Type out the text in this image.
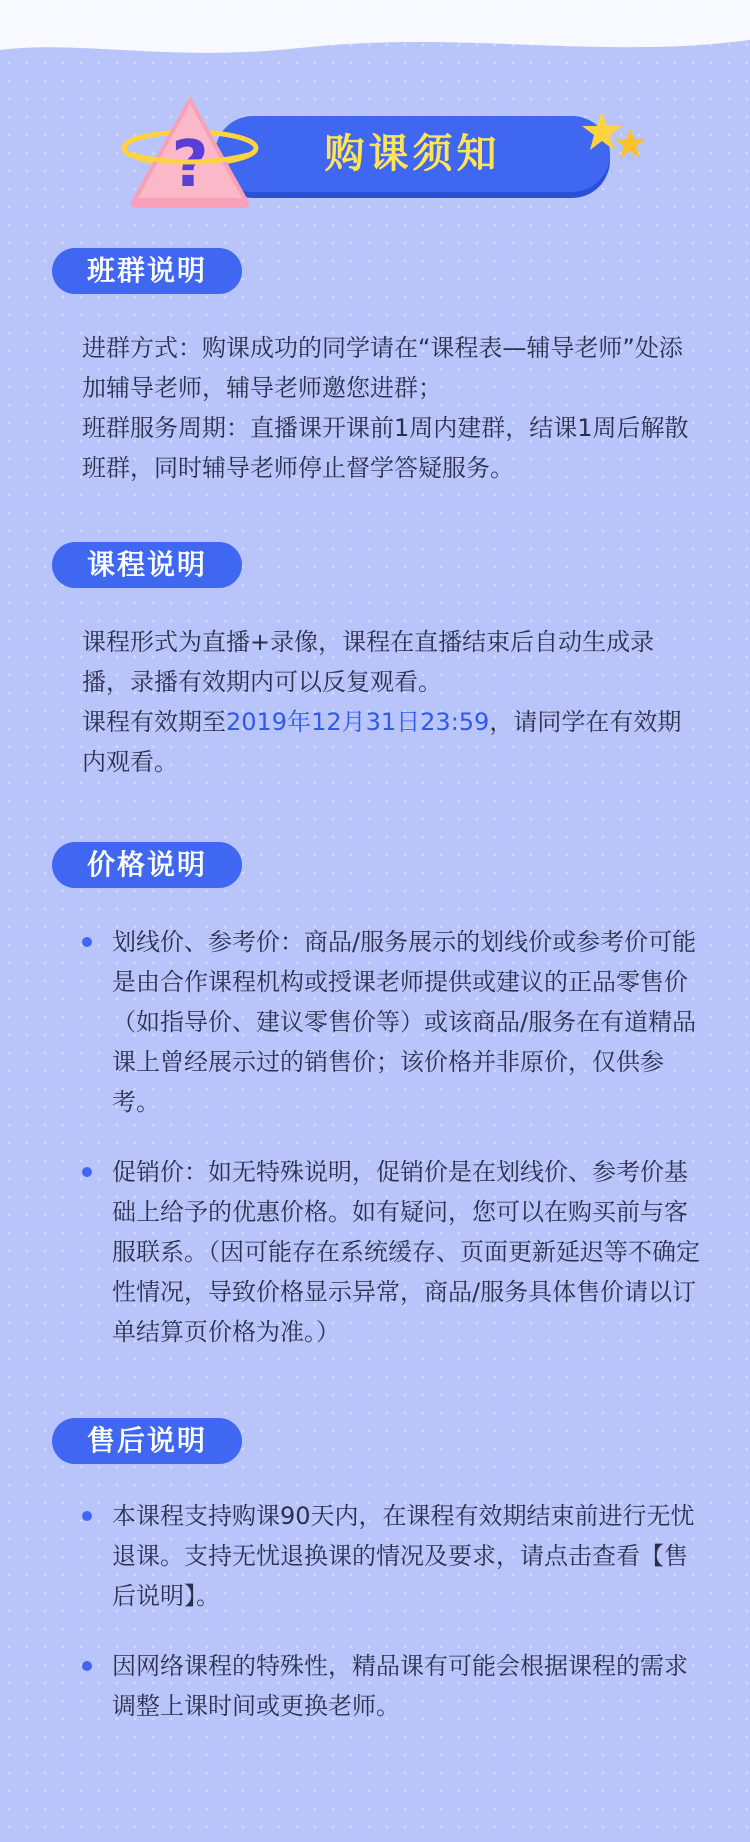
购课须知
?
班群说明

进群方式：购课成功的同学请在“课程表—辅导老师”处添加辅导老师，辅导老师邀您进群；

班群服务周期：直播课开课前1周内建群，结课1周后解散班群，同时辅导老师停止督学答疑服务。

课程说明

课程形式为直播+录像，课程在直播结束后自动生成录播，录播有效期内可以反复观看。

课程有效期至2019年12月31日23:59，请同学在有效期内观看。

价格说明
划线价、参考价：商品/服务展示的划线价或参考价可能是由合作课程机构或授课老师提供或建议的正品零售价（如指导价、建议零售价等）或该商品/服务在有道精品课上曾经展示过的销售价；该价格并非原价，仅供参考。
促销价：如无特殊说明，促销价是在划线价、参考价基础上给予的优惠价格。如有疑问，您可以在购买前与客服联系。（因可能存在系统缓存、页面更新延迟等不确定性情况，导致价格显示异常，商品/服务具体售价请以订单结算页价格为准。）
售后说明
本课程支持购课90天内，在课程有效期结束前进行无忧退课。支持无忧退换课的情况及要求，请点击查看【售后说明】。
因网络课程的特殊性，精品课有可能会根据课程的需求调整上课时间或更换老师。
